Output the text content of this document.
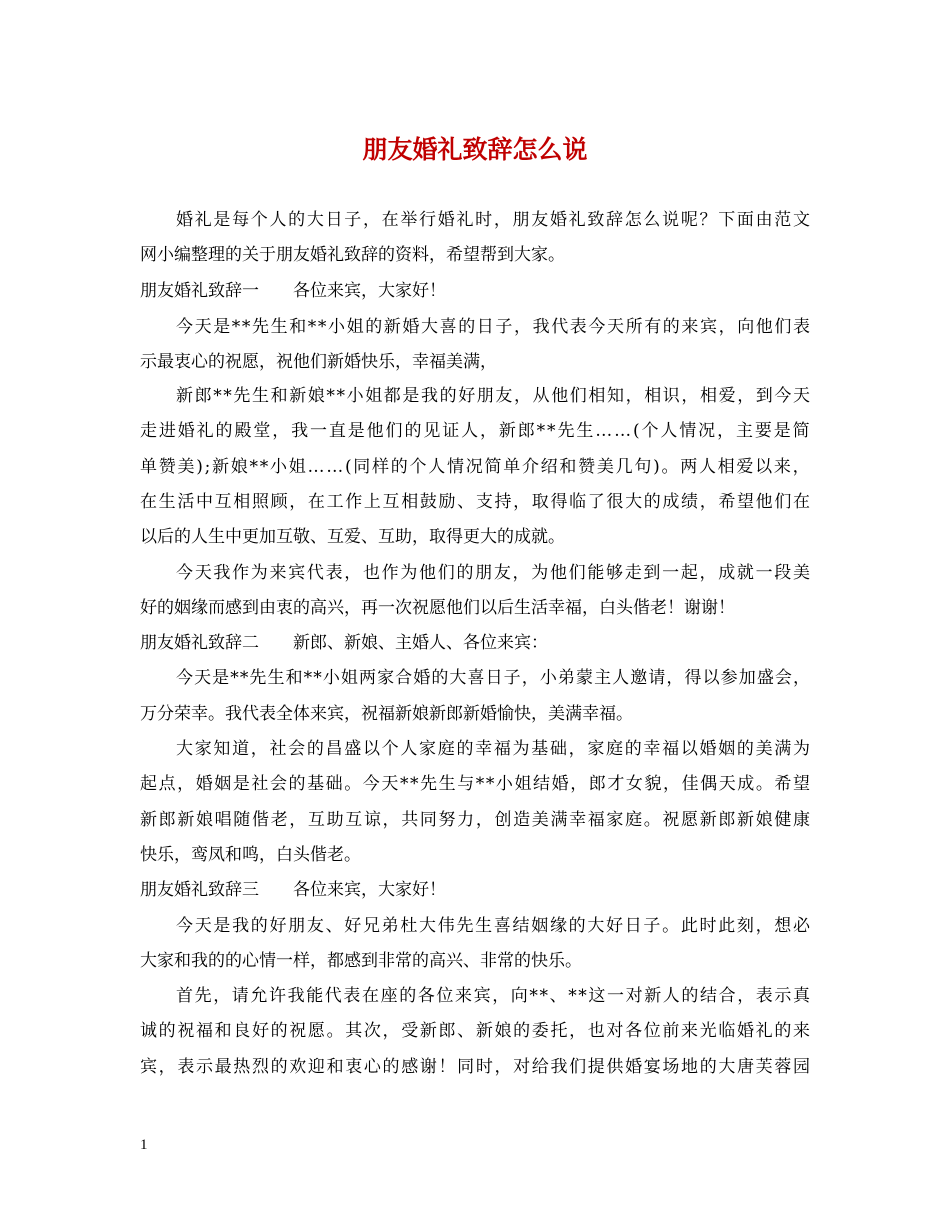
朋友婚礼致辞怎么说

婚礼是每个人的大日子，在举行婚礼时，朋友婚礼致辞怎么说呢？下面由范文

网小编整理的关于朋友婚礼致辞的资料，希望帮到大家。

朋友婚礼致辞一　　各位来宾，大家好！

今天是**先生和**小姐的新婚大喜的日子，我代表今天所有的来宾，向他们表

示最衷心的祝愿，祝他们新婚快乐，幸福美满，

新郎**先生和新娘**小姐都是我的好朋友，从他们相知，相识，相爱，到今天

走进婚礼的殿堂，我一直是他们的见证人，新郎**先生……(个人情况，主要是简

单赞美);新娘**小姐……(同样的个人情况简单介绍和赞美几句)。两人相爱以来，

在生活中互相照顾，在工作上互相鼓励、支持，取得临了很大的成绩，希望他们在

以后的人生中更加互敬、互爱、互助，取得更大的成就。

今天我作为来宾代表，也作为他们的朋友，为他们能够走到一起，成就一段美

好的姻缘而感到由衷的高兴，再一次祝愿他们以后生活幸福，白头偕老！谢谢！

朋友婚礼致辞二　　新郎、新娘、主婚人、各位来宾：

今天是**先生和**小姐两家合婚的大喜日子，小弟蒙主人邀请，得以参加盛会，

万分荣幸。我代表全体来宾，祝福新娘新郎新婚愉快，美满幸福。

大家知道，社会的昌盛以个人家庭的幸福为基础，家庭的幸福以婚姻的美满为

起点，婚姻是社会的基础。今天**先生与**小姐结婚，郎才女貌，佳偶天成。希望

新郎新娘唱随偕老，互助互谅，共同努力，创造美满幸福家庭。祝愿新郎新娘健康

快乐，鸾凤和鸣，白头偕老。

朋友婚礼致辞三　　各位来宾，大家好！

今天是我的好朋友、好兄弟杜大伟先生喜结姻缘的大好日子。此时此刻，想必

大家和我的的心情一样，都感到非常的高兴、非常的快乐。

首先，请允许我能代表在座的各位来宾，向**、**这一对新人的结合，表示真

诚的祝福和良好的祝愿。其次，受新郎、新娘的委托，也对各位前来光临婚礼的来

宾，表示最热烈的欢迎和衷心的感谢！同时，对给我们提供婚宴场地的大唐芙蓉园

1
